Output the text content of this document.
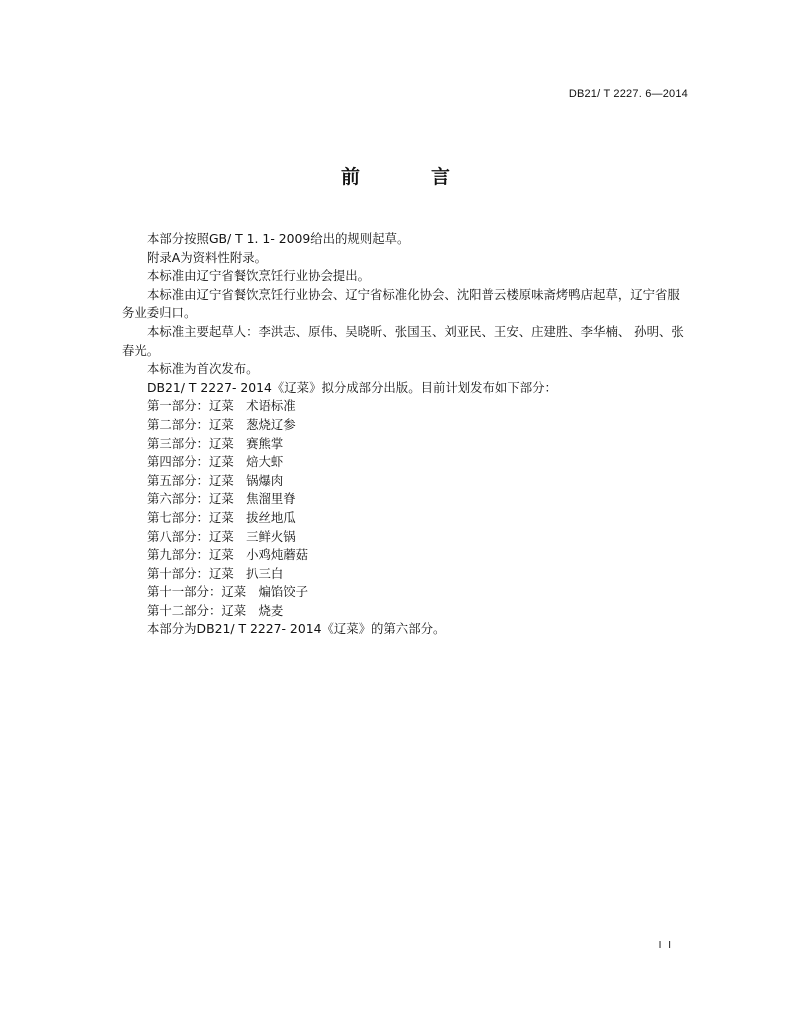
DB21/ T 2227. 6—2014
前　言

本部分按照GB/ T 1. 1- 2009给出的规则起草。

附录A为资料性附录。

本标准由辽宁省餐饮烹饪行业协会提出。

本标准由辽宁省餐饮烹饪行业协会、辽宁省标准化协会、沈阳普云楼原味斋烤鸭店起草，辽宁省服务业委归口。

本标准主要起草人：李洪志、原伟、吴晓昕、张国玉、刘亚民、王安、庄建胜、李华楠、 孙明、张春光。

本标准为首次发布。

DB21/ T 2227- 2014《辽菜》拟分成部分出版。目前计划发布如下部分：

第一部分：辽菜　术语标准

第二部分：辽菜　葱烧辽参

第三部分：辽菜　赛熊掌

第四部分：辽菜　焙大虾

第五部分：辽菜　锅爆肉

第六部分：辽菜　焦溜里脊

第七部分：辽菜　拔丝地瓜

第八部分：辽菜　三鲜火锅

第九部分：辽菜　小鸡炖蘑菇

第十部分：辽菜　扒三白

第十一部分：辽菜　煸馅饺子

第十二部分：辽菜　烧麦

本部分为DB21/ T 2227- 2014《辽菜》的第六部分。

I I
